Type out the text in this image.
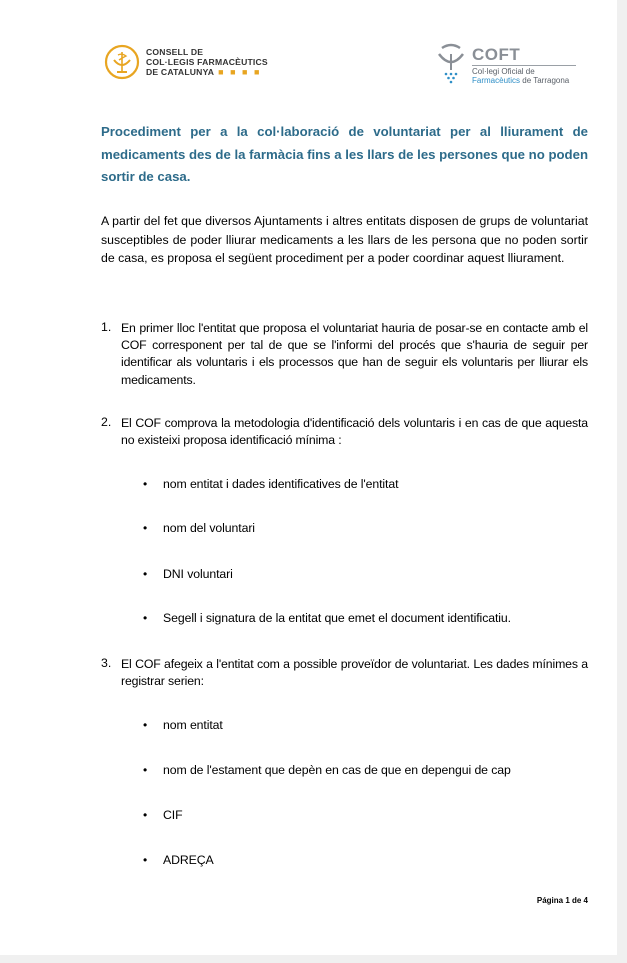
CONSELL DE
COL·LEGIS FARMACÈUTICS
DE CATALUNYA ■ ■ ■ ■
COFT
Col·legi Oficial de
Farmacèutics de Tarragona
Procediment per a la col·laboració de voluntariat per al lliurament de medicaments des de la farmàcia fins a les llars de les persones que no poden sortir de casa.
A partir del fet que diversos Ajuntaments i altres entitats disposen de grups de voluntariat susceptibles de poder lliurar medicaments a les llars de les persona que no poden sortir de casa, es proposa el següent procediment per a poder coordinar aquest lliurament.
1. En primer lloc l'entitat que proposa el voluntariat hauria de posar-se en contacte amb el COF corresponent per tal de que se l'informi del procés que s'hauria de seguir per identificar als voluntaris i els processos que han de seguir els voluntaris per lliurar els medicaments.
2. El COF comprova la metodologia d'identificació dels voluntaris i en cas de que aquesta no existeixi proposa identificació mínima :
• nom entitat i dades identificatives de l'entitat
• nom del voluntari
• DNI voluntari
• Segell i signatura de la entitat que emet el document identificatiu.
3. El COF afegeix a l'entitat com a possible proveïdor de voluntariat. Les dades mínimes a registrar serien:
• nom entitat
• nom de l'estament que depèn en cas de que en depengui de cap
• CIF
• ADREÇA
Página 1 de 4
